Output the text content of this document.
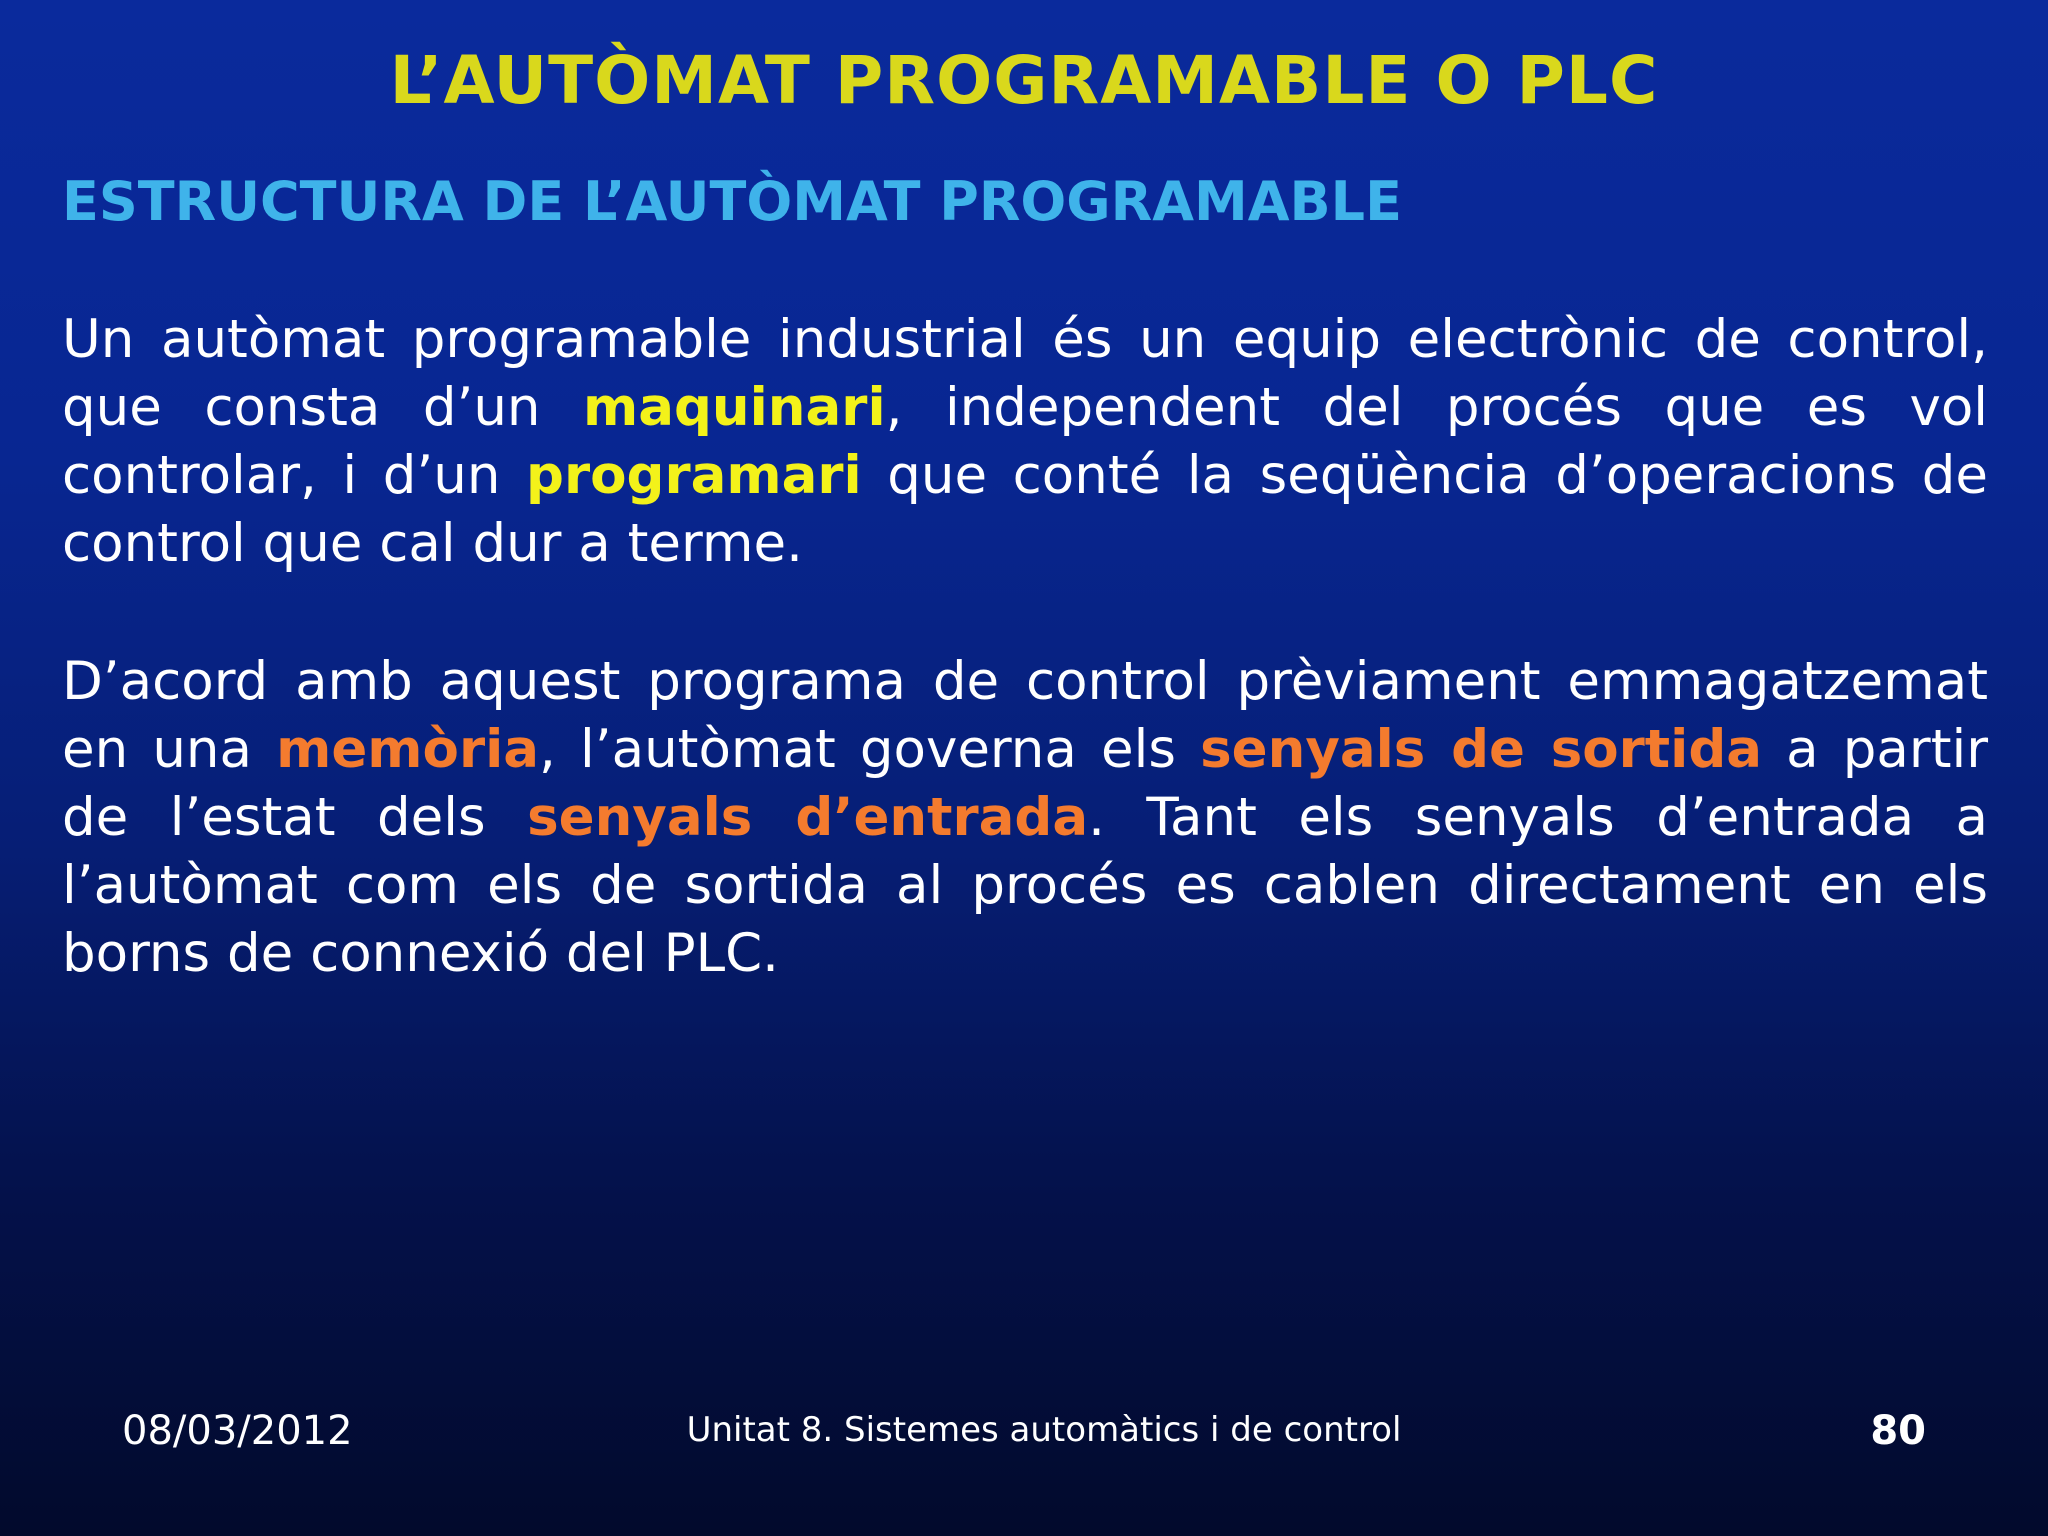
L’AUTÒMAT PROGRAMABLE O PLC
ESTRUCTURA DE L’AUTÒMAT PROGRAMABLE

Un autòmat programable industrial és un equip electrònic de control, que consta d’un maquinari, independent del procés que es vol controlar, i d’un programari que conté la seqüència d’operacions de control que cal dur a terme.

D’acord amb aquest programa de control prèviament emmagatzemat en una memòria, l’autòmat governa els senyals de sortida a partir de l’estat dels senyals d’entrada. Tant els senyals d’entrada a l’autòmat com els de sortida al procés es cablen directament en els borns de connexió del PLC.

08/03/2012	Unitat 8. Sistemes automàtics i de control	80
